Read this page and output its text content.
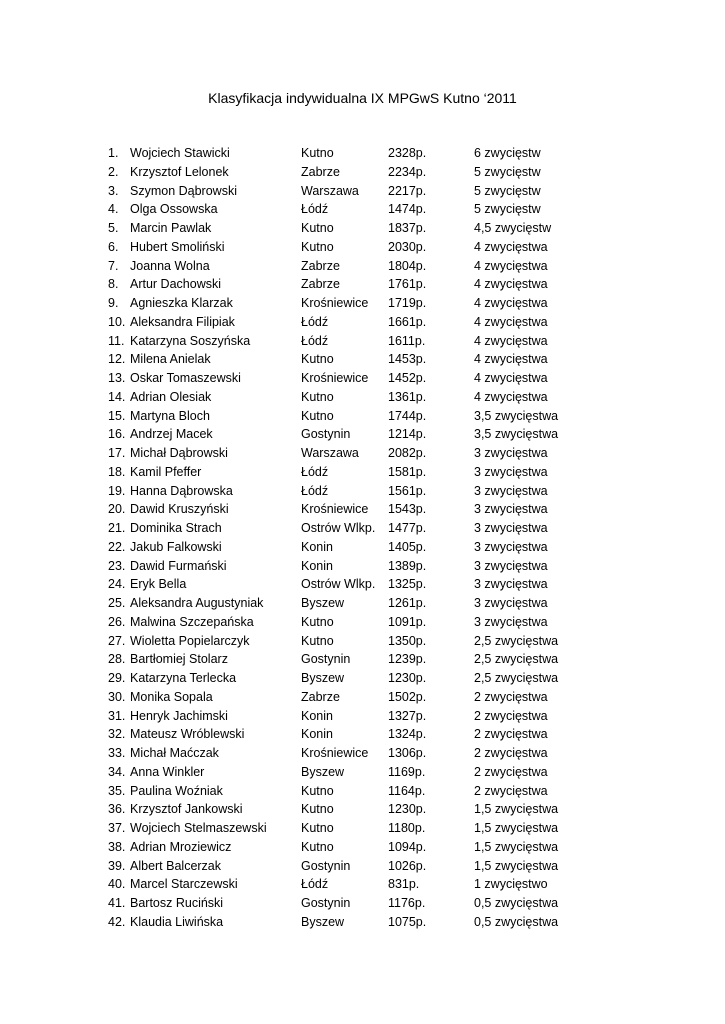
Klasyfikacja indywidualna IX MPGwS Kutno ‘2011
1. Wojciech Stawicki	Kutno	2328p.	6 zwycięstw
2. Krzysztof Lelonek	Zabrze	2234p.	5 zwycięstw
3. Szymon Dąbrowski	Warszawa 2217p.	5 zwycięstw
4. Olga Ossowska	Łódź	1474p.	5 zwycięstw
5. Marcin Pawlak	Kutno	1837p.	4,5 zwycięstw
6. Hubert Smoliński	Kutno	2030p.	4 zwycięstwa
7. Joanna Wolna	Zabrze	1804p.	4 zwycięstwa
8. Artur Dachowski	Zabrze	1761p.	4 zwycięstwa
9. Agnieszka Klarzak	Krośniewice 1719p.	4 zwycięstwa
10. Aleksandra Filipiak	Łódź	1661p.	4 zwycięstwa
11. Katarzyna Soszyńska	Łódź	1611p.	4 zwycięstwa
12. Milena Anielak	Kutno	1453p.	4 zwycięstwa
13. Oskar Tomaszewski	Krośniewice 1452p.	4 zwycięstwa
14. Adrian Olesiak	Kutno	1361p.	4 zwycięstwa
15. Martyna Bloch	Kutno	1744p.	3,5 zwycięstwa
16. Andrzej Macek	Gostynin	1214p.	3,5 zwycięstwa
17. Michał Dąbrowski	Warszawa 2082p.	3 zwycięstwa
18. Kamil Pfeffer	Łódź	1581p.	3 zwycięstwa
19. Hanna Dąbrowska	Łódź	1561p.	3 zwycięstwa
20. Dawid Kruszyński	Krośniewice 1543p.	3 zwycięstwa
21. Dominika Strach	Ostrów Wlkp. 1477p.	3 zwycięstwa
22. Jakub Falkowski	Konin	1405p.	3 zwycięstwa
23. Dawid Furmański	Konin	1389p.	3 zwycięstwa
24. Eryk Bella	Ostrów Wlkp. 1325p.	3 zwycięstwa
25. Aleksandra Augustyniak	Byszew	1261p.	3 zwycięstwa
26. Malwina Szczepańska	Kutno	1091p.	3 zwycięstwa
27. Wioletta Popielarczyk	Kutno	1350p.	2,5 zwycięstwa
28. Bartłomiej Stolarz	Gostynin	1239p.	2,5 zwycięstwa
29. Katarzyna Terlecka	Byszew	1230p.	2,5 zwycięstwa
30. Monika Sopala	Zabrze	1502p.	2 zwycięstwa
31. Henryk Jachimski	Konin	1327p.	2 zwycięstwa
32. Mateusz Wróblewski	Konin	1324p.	2 zwycięstwa
33. Michał Maćczak	Krośniewice 1306p.	2 zwycięstwa
34. Anna Winkler	Byszew	1169p.	2 zwycięstwa
35. Paulina Woźniak	Kutno	1164p.	2 zwycięstwa
36. Krzysztof Jankowski	Kutno	1230p.	1,5 zwycięstwa
37. Wojciech Stelmaszewski	Kutno	1180p.	1,5 zwycięstwa
38. Adrian Mroziewicz	Kutno	1094p.	1,5 zwycięstwa
39. Albert Balcerzak	Gostynin	1026p.	1,5 zwycięstwa
40. Marcel Starczewski	Łódź	831p.	1 zwycięstwo
41. Bartosz Ruciński	Gostynin	1176p.	0,5 zwycięstwa
42. Klaudia Liwińska	Byszew	1075p.	0,5 zwycięstwa
